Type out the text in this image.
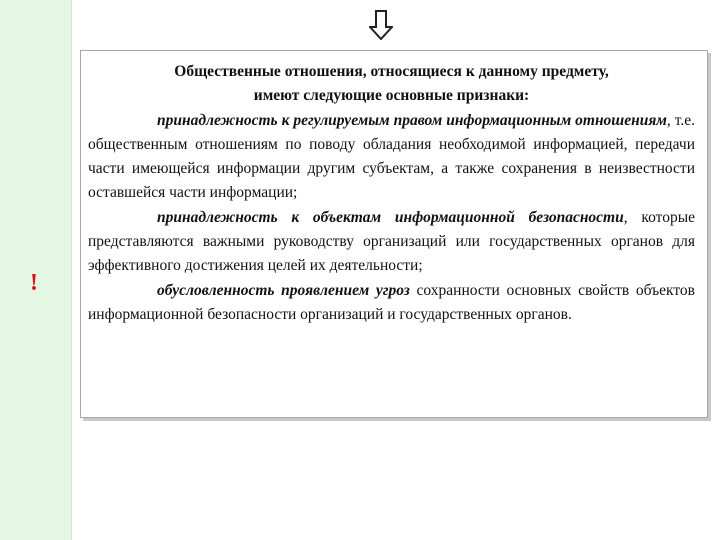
!

Общественные отношения, относящиеся к данному предмету,
имеют следующие основные признаки:

принадлежность к регулируемым правом информационным отношениям, т.е. общественным отношениям по поводу обладания необходимой информацией, передачи части имеющейся информации другим субъектам, а также сохранения в неизвестности оставшейся части информации;

принадлежность к объектам информационной безопасности, которые представляются важными руководству организаций или государственных органов для эффективного достижения целей их деятельности;

обусловленность проявлением угроз сохранности основных свойств объектов информационной безопасности организаций и государственных органов.
